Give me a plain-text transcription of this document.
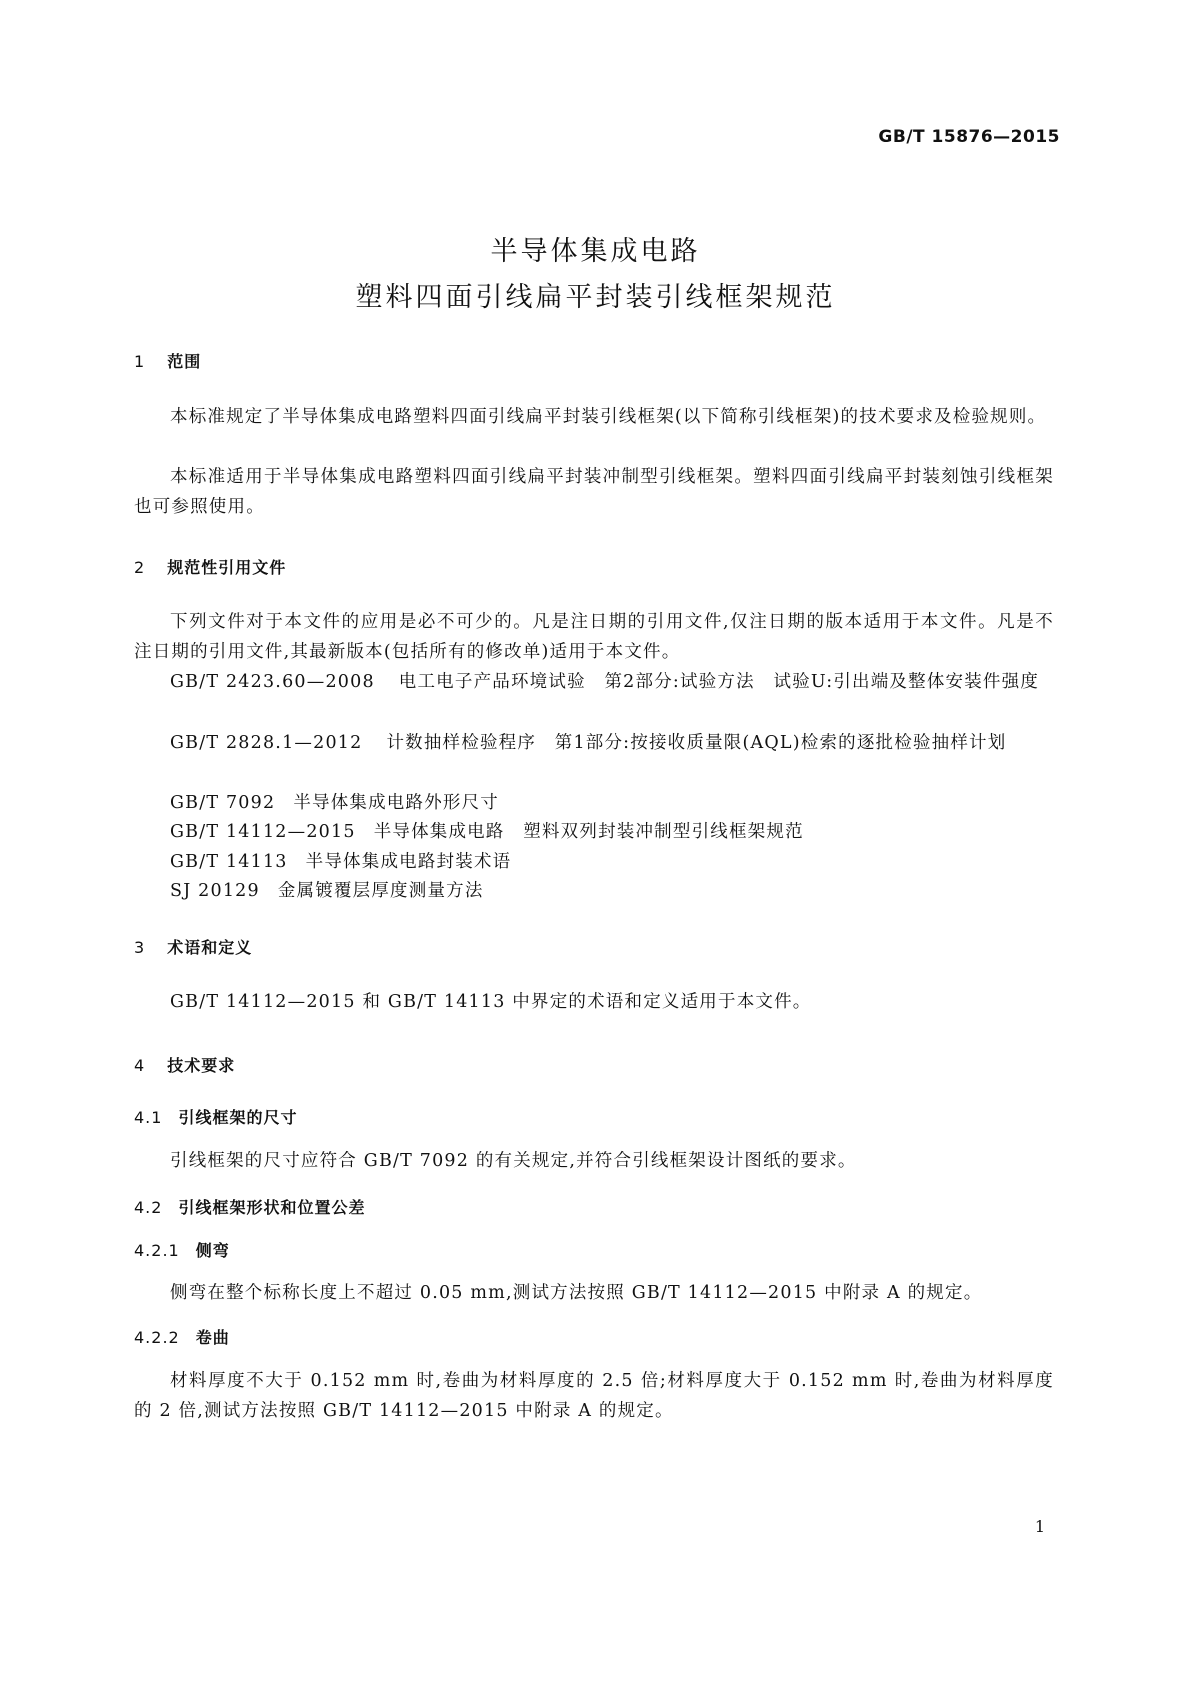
GB/T 15876—2015
半导体集成电路
塑料四面引线扁平封装引线框架规范
1 范围
本标准规定了半导体集成电路塑料四面引线扁平封装引线框架(以下简称引线框架)的技术要求及检验规则。
本标准适用于半导体集成电路塑料四面引线扁平封装冲制型引线框架。塑料四面引线扁平封装刻蚀引线框架也可参照使用。
2 规范性引用文件
下列文件对于本文件的应用是必不可少的。凡是注日期的引用文件,仅注日期的版本适用于本文件。凡是不注日期的引用文件,其最新版本(包括所有的修改单)适用于本文件。
GB/T 2423.60—2008 电工电子产品环境试验　第2部分:试验方法　试验U:引出端及整体安装件强度
GB/T 2828.1—2012 计数抽样检验程序　第1部分:按接收质量限(AQL)检索的逐批检验抽样计划
GB/T 7092 半导体集成电路外形尺寸
GB/T 14112—2015 半导体集成电路　塑料双列封装冲制型引线框架规范
GB/T 14113 半导体集成电路封装术语
SJ 20129 金属镀覆层厚度测量方法
3 术语和定义
GB/T 14112—2015 和 GB/T 14113 中界定的术语和定义适用于本文件。
4 技术要求
4.1 引线框架的尺寸
引线框架的尺寸应符合 GB/T 7092 的有关规定,并符合引线框架设计图纸的要求。
4.2 引线框架形状和位置公差
4.2.1 侧弯
侧弯在整个标称长度上不超过 0.05 mm,测试方法按照 GB/T 14112—2015 中附录 A 的规定。
4.2.2 卷曲
材料厚度不大于 0.152 mm 时,卷曲为材料厚度的 2.5 倍;材料厚度大于 0.152 mm 时,卷曲为材料厚度的 2 倍,测试方法按照 GB/T 14112—2015 中附录 A 的规定。
1
